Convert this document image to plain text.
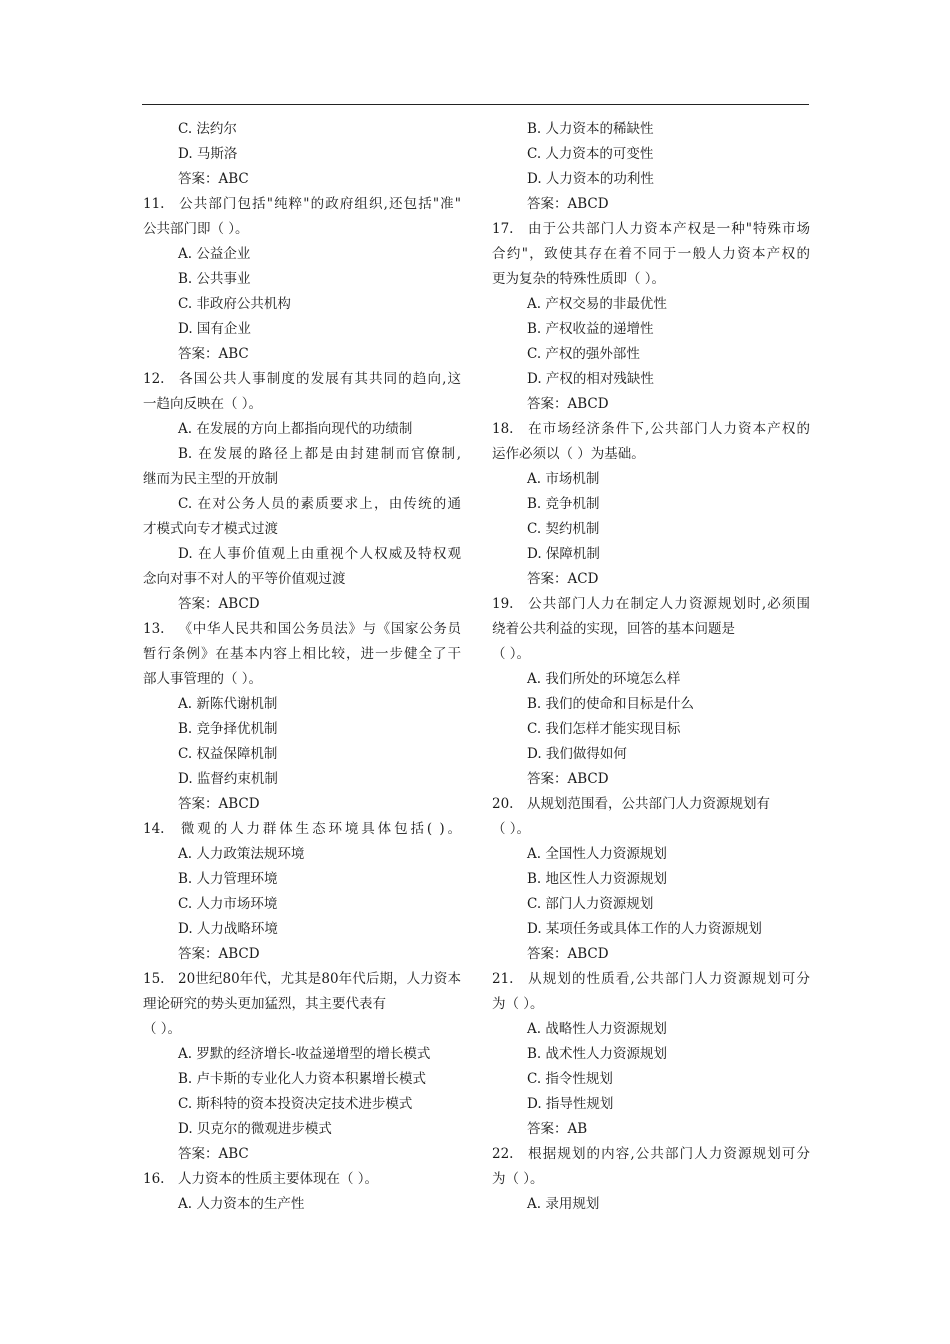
C. 法约尔
D. 马斯洛
答案：ABC
11. 公共部门包括"纯粹"的政府组织,还包括"准"
公共部门即（ ）。
A. 公益企业
B. 公共事业
C. 非政府公共机构
D. 国有企业
答案：ABC
12. 各国公共人事制度的发展有其共同的趋向,这
一趋向反映在（ ）。
A. 在发展的方向上都指向现代的功绩制
B. 在发展的路径上都是由封建制而官僚制,
继而为民主型的开放制
C. 在对公务人员的素质要求上，由传统的通
才模式向专才模式过渡
D. 在人事价值观上由重视个人权威及特权观
念向对事不对人的平等价值观过渡
答案：ABCD
13. 《中华人民共和国公务员法》与《国家公务员
暂行条例》在基本内容上相比较，进一步健全了干
部人事管理的（ ）。
A. 新陈代谢机制
B. 竞争择优机制
C. 权益保障机制
D. 监督约束机制
答案：ABCD
14. 微观的人力群体生态环境具体包括( )。
A. 人力政策法规环境
B. 人力管理环境
C. 人力市场环境
D. 人力战略环境
答案：ABCD
15. 20世纪80年代，尤其是80年代后期，人力资本
理论研究的势头更加猛烈，其主要代表有
（ ）。
A. 罗默的经济增长-收益递增型的增长模式
B. 卢卡斯的专业化人力资本积累增长模式
C. 斯科特的资本投资决定技术进步模式
D. 贝克尔的微观进步模式
答案：ABC
16. 人力资本的性质主要体现在（ ）。
A. 人力资本的生产性
B. 人力资本的稀缺性
C. 人力资本的可变性
D. 人力资本的功利性
答案：ABCD
17. 由于公共部门人力资本产权是一种"特殊市场
合约"，致使其存在着不同于一般人力资本产权的
更为复杂的特殊性质即（ ）。
A. 产权交易的非最优性
B. 产权收益的递增性
C. 产权的强外部性
D. 产权的相对残缺性
答案：ABCD
18. 在市场经济条件下,公共部门人力资本产权的
运作必须以（ ）为基础。
A. 市场机制
B. 竞争机制
C. 契约机制
D. 保障机制
答案：ACD
19. 公共部门人力在制定人力资源规划时,必须围
绕着公共利益的实现，回答的基本问题是
（ ）。
A. 我们所处的环境怎么样
B. 我们的使命和目标是什么
C. 我们怎样才能实现目标
D. 我们做得如何
答案：ABCD
20. 从规划范围看，公共部门人力资源规划有
（ ）。
A. 全国性人力资源规划
B. 地区性人力资源规划
C. 部门人力资源规划
D. 某项任务或具体工作的人力资源规划
答案：ABCD
21. 从规划的性质看,公共部门人力资源规划可分
为（ ）。
A. 战略性人力资源规划
B. 战术性人力资源规划
C. 指令性规划
D. 指导性规划
答案：AB
22. 根据规划的内容,公共部门人力资源规划可分
为（ ）。
A. 录用规划
